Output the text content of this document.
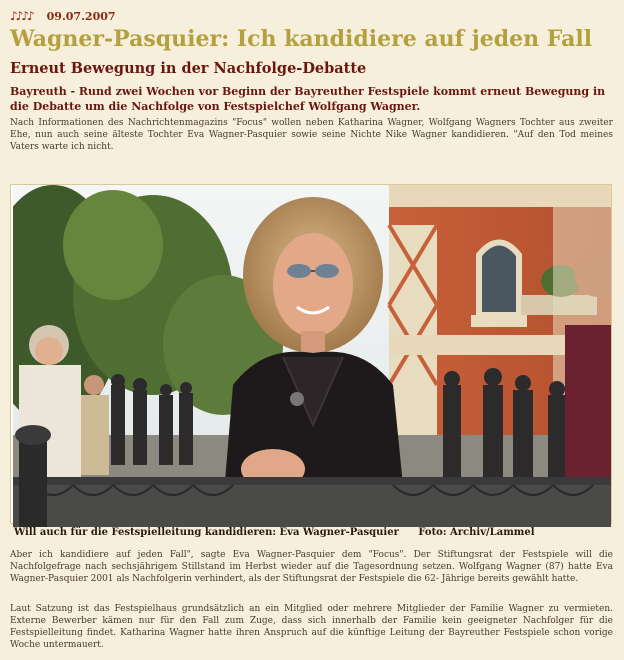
♪♪♪♪ 09.07.2007
Wagner-Pasquier: Ich kandidiere auf jeden Fall
Erneut Bewegung in der Nachfolge-Debatte

Bayreuth - Rund zwei Wochen vor Beginn der Bayreuther Festspiele kommt erneut Bewegung in die Debatte um die Nachfolge von Festspielchef Wolfgang Wagner.

Nach Informationen des Nachrichtenmagazins "Focus" wollen neben Katharina Wagner, Wolfgang Wagners Tochter aus zweiter Ehe, nun auch seine älteste Tochter Eva Wagner-Pasquier sowie seine Nichte Nike Wagner kandidieren. "Auf den Tod meines Vaters warte ich nicht.

Will auch für die Festspielleitung kandidieren: Eva Wagner-Pasquier Foto: Archiv/Lammel

Aber ich kandidiere auf jeden Fall", sagte Eva Wagner-Pasquier dem "Focus". Der Stiftungsrat der Festspiele will die Nachfolgefrage nach sechsjährigem Stillstand im Herbst wieder auf die Tagesordnung setzen. Wolfgang Wagner (87) hatte Eva Wagner-Pasquier 2001 als Nachfolgerin verhindert, als der Stiftungsrat der Festspiele die 62- Jährige bereits gewählt hatte.

Laut Satzung ist das Festspielhaus grundsätzlich an ein Mitglied oder mehrere Mitglieder der Familie Wagner zu vermieten. Externe Bewerber kämen nur für den Fall zum Zuge, dass sich innerhalb der Familie kein geeigneter Nachfolger für die Festspielleitung findet. Katharina Wagner hatte ihren Anspruch auf die künftige Leitung der Bayreuther Festspiele schon vorige Woche untermauert.
